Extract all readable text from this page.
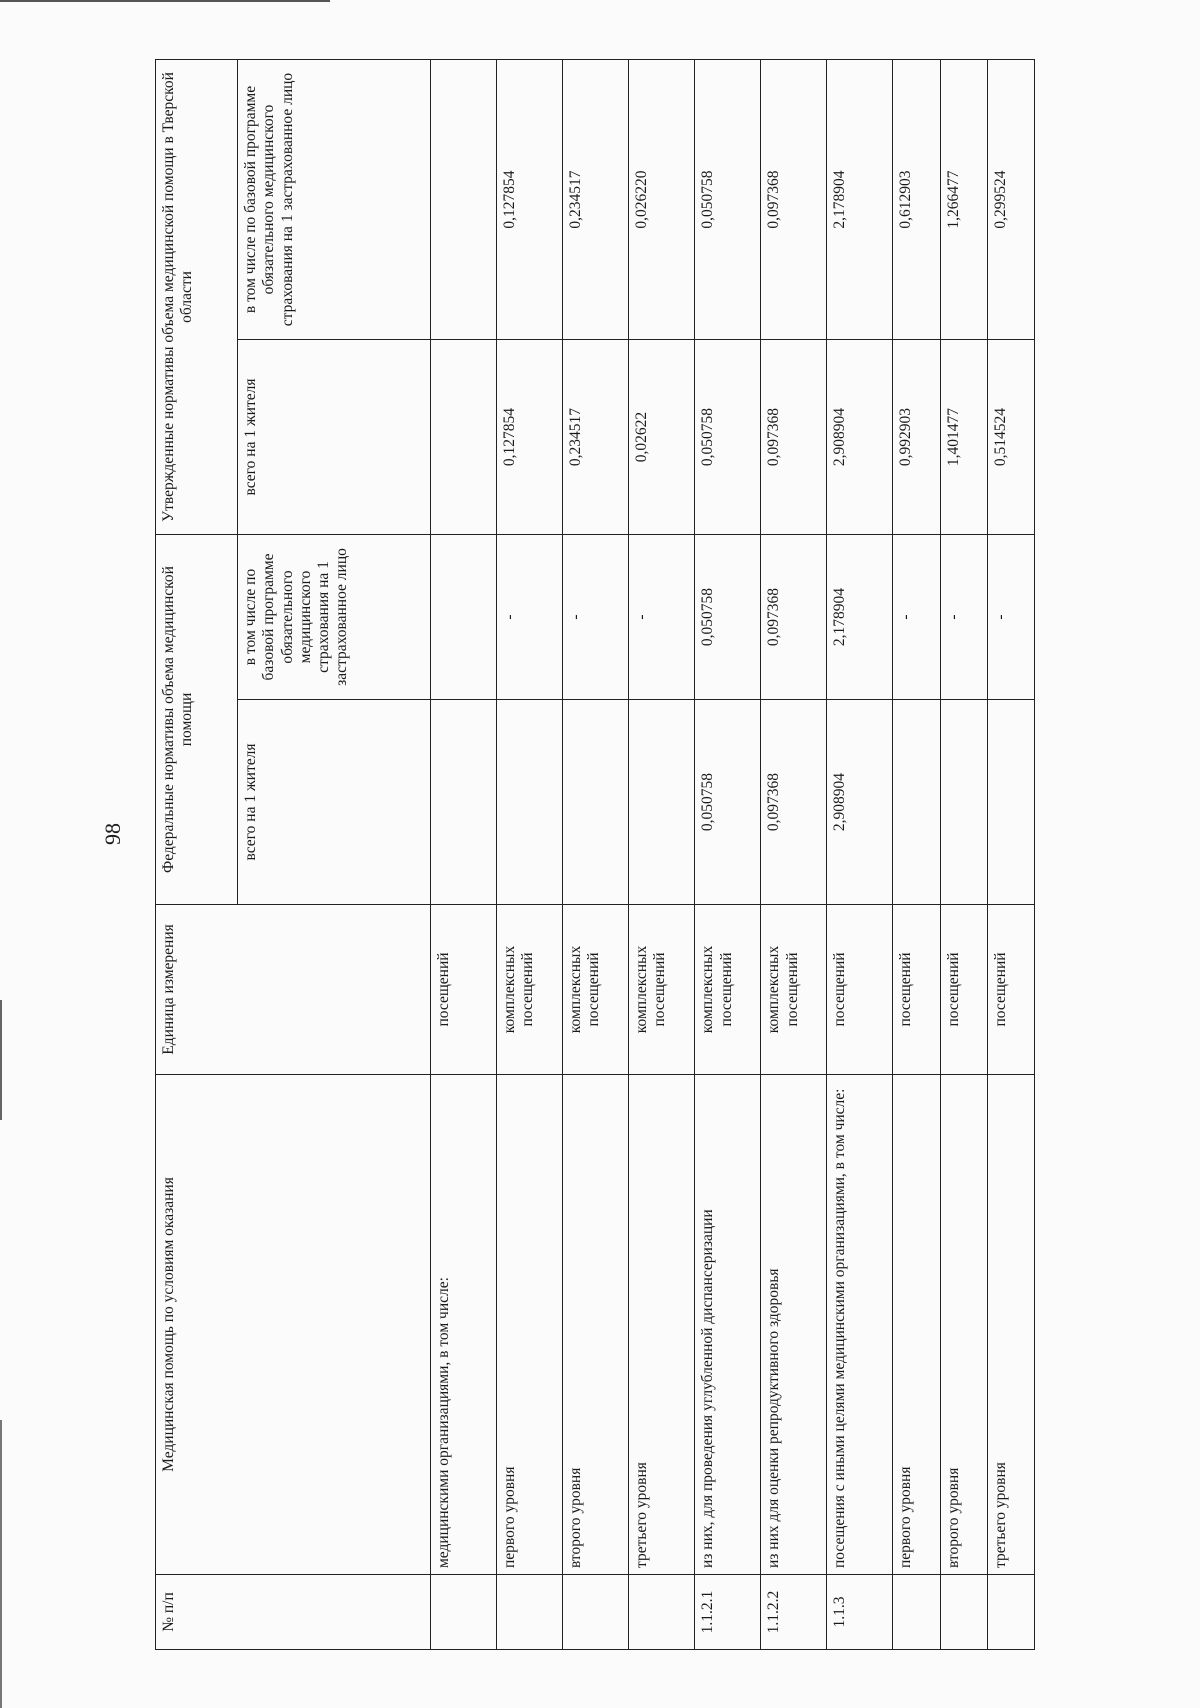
98
№ п/п	Медицинская помощь по условиям оказания	Единица измерения	Федеральные нормативы объема медицинской помощи		Утвержденные нормативы объема медицинской помощи в Тверской области	
			всего на 1 жителя	в том числе по базовой программе обязательного медицинского страхования на 1 застрахованное лицо	всего на 1 жителя	в том числе по базовой программе обязательного медицинского страхования на 1 застрахованное лицо
	медицинскими организациями, в том числе:	посещений				
	первого уровня	комплексных посещений		-	0,127854	0,127854
	второго уровня	комплексных посещений		-	0,234517	0,234517
	третьего уровня	комплексных посещений		-	0,02622	0,026220
1.1.2.1	из них, для проведения углубленной диспансеризации	комплексных посещений	0,050758	0,050758	0,050758	0,050758
1.1.2.2	из них для оценки репродуктивного здоровья	комплексных посещений	0,097368	0,097368	0,097368	0,097368
1.1.3	посещения с иными целями медицинскими организациями, в том числе:	посещений	2,908904	2,178904	2,908904	2,178904
	первого уровня	посещений		-	0,992903	0,612903
	второго уровня	посещений		-	1,401477	1,266477
	третьего уровня	посещений		-	0,514524	0,299524
